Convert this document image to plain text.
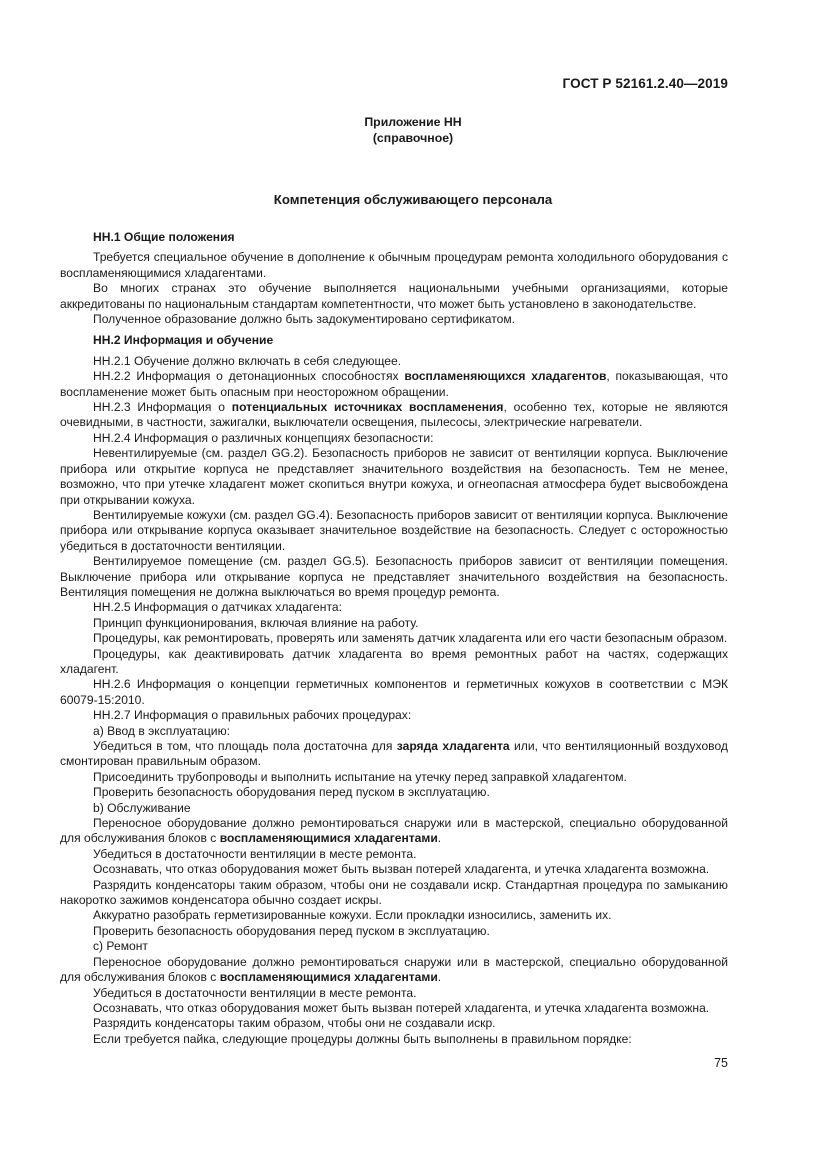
ГОСТ Р 52161.2.40—2019
Приложение НН
(справочное)
Компетенция обслуживающего персонала
НН.1 Общие положения

Требуется специальное обучение в дополнение к обычным процедурам ремонта холодильного оборудования с воспламеняющимися хладагентами.

Во многих странах это обучение выполняется национальными учебными организациями, которые аккредитованы по национальным стандартам компетентности, что может быть установлено в законодательстве.

Полученное образование должно быть задокументировано сертификатом.

НН.2 Информация и обучение

НН.2.1 Обучение должно включать в себя следующее.

НН.2.2 Информация о детонационных способностях воспламеняющихся хладагентов, показывающая, что воспламенение может быть опасным при неосторожном обращении.

НН.2.3 Информация о потенциальных источниках воспламенения, особенно тех, которые не являются очевидными, в частности, зажигалки, выключатели освещения, пылесосы, электрические нагреватели.

НН.2.4 Информация о различных концепциях безопасности:

Невентилируемые (см. раздел GG.2). Безопасность приборов не зависит от вентиляции корпуса. Выключение прибора или открытие корпуса не представляет значительного воздействия на безопасность. Тем не менее, возможно, что при утечке хладагент может скопиться внутри кожуха, и огнеопасная атмосфера будет высвобождена при открывании кожуха.

Вентилируемые кожухи (см. раздел GG.4). Безопасность приборов зависит от вентиляции корпуса. Выключение прибора или открывание корпуса оказывает значительное воздействие на безопасность. Следует с осторожностью убедиться в достаточности вентиляции.

Вентилируемое помещение (см. раздел GG.5). Безопасность приборов зависит от вентиляции помещения. Выключение прибора или открывание корпуса не представляет значительного воздействия на безопасность. Вентиляция помещения не должна выключаться во время процедур ремонта.

НН.2.5 Информация о датчиках хладагента:

Принцип функционирования, включая влияние на работу.

Процедуры, как ремонтировать, проверять или заменять датчик хладагента или его части безопасным образом.

Процедуры, как деактивировать датчик хладагента во время ремонтных работ на частях, содержащих хладагент.

НН.2.6 Информация о концепции герметичных компонентов и герметичных кожухов в соответствии с МЭК 60079-15:2010.

НН.2.7 Информация о правильных рабочих процедурах:

a) Ввод в эксплуатацию:

Убедиться в том, что площадь пола достаточна для заряда хладагента или, что вентиляционный воздуховод смонтирован правильным образом.

Присоединить трубопроводы и выполнить испытание на утечку перед заправкой хладагентом.

Проверить безопасность оборудования перед пуском в эксплуатацию.

b) Обслуживание

Переносное оборудование должно ремонтироваться снаружи или в мастерской, специально оборудованной для обслуживания блоков с воспламеняющимися хладагентами.

Убедиться в достаточности вентиляции в месте ремонта.

Осознавать, что отказ оборудования может быть вызван потерей хладагента, и утечка хладагента возможна.

Разрядить конденсаторы таким образом, чтобы они не создавали искр. Стандартная процедура по замыканию накоротко зажимов конденсатора обычно создает искры.

Аккуратно разобрать герметизированные кожухи. Если прокладки износились, заменить их.

Проверить безопасность оборудования перед пуском в эксплуатацию.

c) Ремонт

Переносное оборудование должно ремонтироваться снаружи или в мастерской, специально оборудованной для обслуживания блоков с воспламеняющимися хладагентами.

Убедиться в достаточности вентиляции в месте ремонта.

Осознавать, что отказ оборудования может быть вызван потерей хладагента, и утечка хладагента возможна.

Разрядить конденсаторы таким образом, чтобы они не создавали искр.

Если требуется пайка, следующие процедуры должны быть выполнены в правильном порядке:

75
